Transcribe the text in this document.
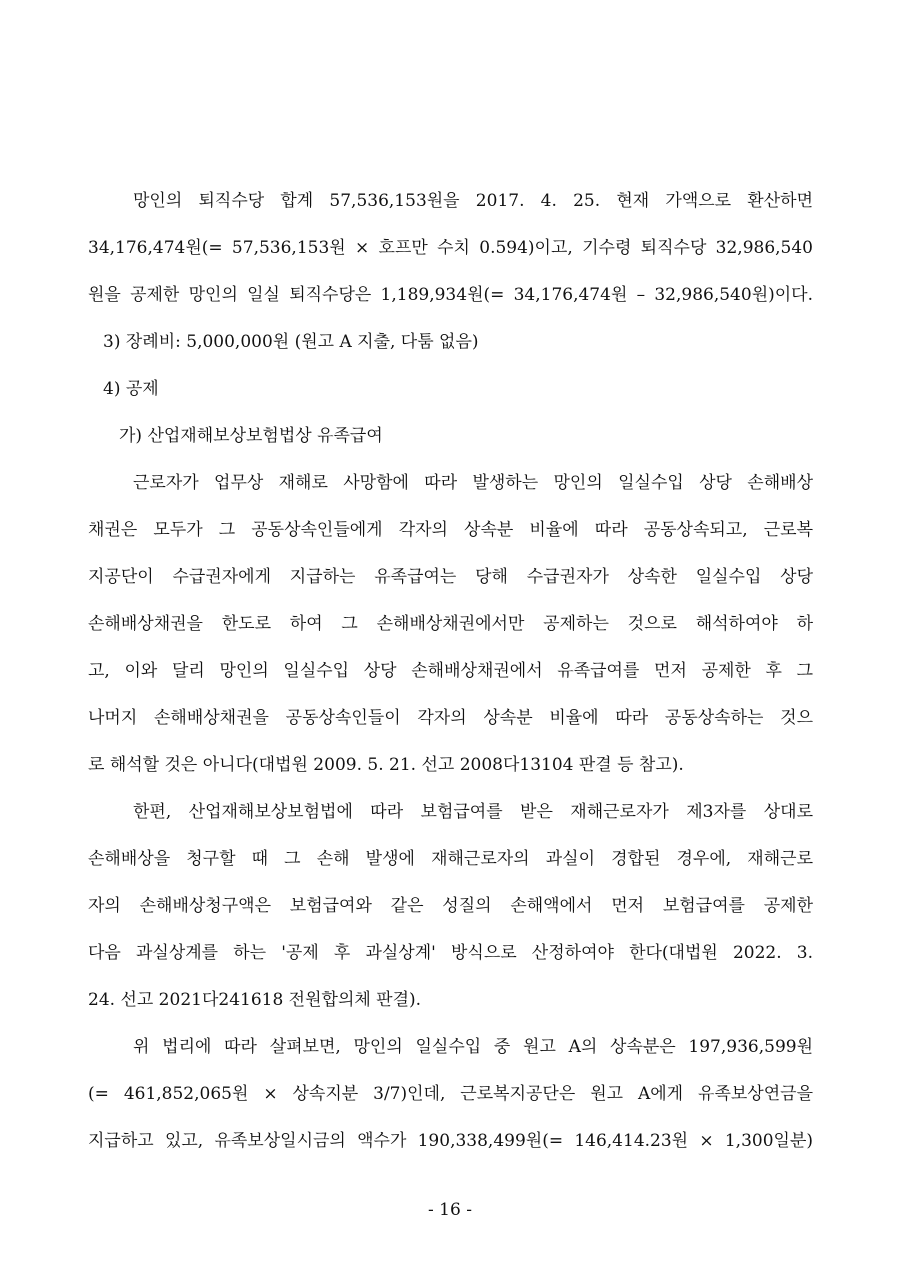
망인의 퇴직수당 합계 57,536,153원을 2017. 4. 25. 현재 가액으로 환산하면
34,176,474원(= 57,536,153원 × 호프만 수치 0.594)이고, 기수령 퇴직수당 32,986,540
원을 공제한 망인의 일실 퇴직수당은 1,189,934원(= 34,176,474원 – 32,986,540원)이다.
3) 장례비: 5,000,000원 (원고 A 지출, 다툼 없음)
4) 공제
가) 산업재해보상보험법상 유족급여
근로자가 업무상 재해로 사망함에 따라 발생하는 망인의 일실수입 상당 손해배상
채권은 모두가 그 공동상속인들에게 각자의 상속분 비율에 따라 공동상속되고, 근로복
지공단이 수급권자에게 지급하는 유족급여는 당해 수급권자가 상속한 일실수입 상당
손해배상채권을 한도로 하여 그 손해배상채권에서만 공제하는 것으로 해석하여야 하
고, 이와 달리 망인의 일실수입 상당 손해배상채권에서 유족급여를 먼저 공제한 후 그
나머지 손해배상채권을 공동상속인들이 각자의 상속분 비율에 따라 공동상속하는 것으
로 해석할 것은 아니다(대법원 2009. 5. 21. 선고 2008다13104 판결 등 참고).
한편, 산업재해보상보험법에 따라 보험급여를 받은 재해근로자가 제3자를 상대로
손해배상을 청구할 때 그 손해 발생에 재해근로자의 과실이 경합된 경우에, 재해근로
자의 손해배상청구액은 보험급여와 같은 성질의 손해액에서 먼저 보험급여를 공제한
다음 과실상계를 하는 '공제 후 과실상계' 방식으로 산정하여야 한다(대법원 2022. 3.
24. 선고 2021다241618 전원합의체 판결).
위 법리에 따라 살펴보면, 망인의 일실수입 중 원고 A의 상속분은 197,936,599원
(= 461,852,065원 × 상속지분 3/7)인데, 근로복지공단은 원고 A에게 유족보상연금을
지급하고 있고, 유족보상일시금의 액수가 190,338,499원(= 146,414.23원 × 1,300일분)
- 16 -
